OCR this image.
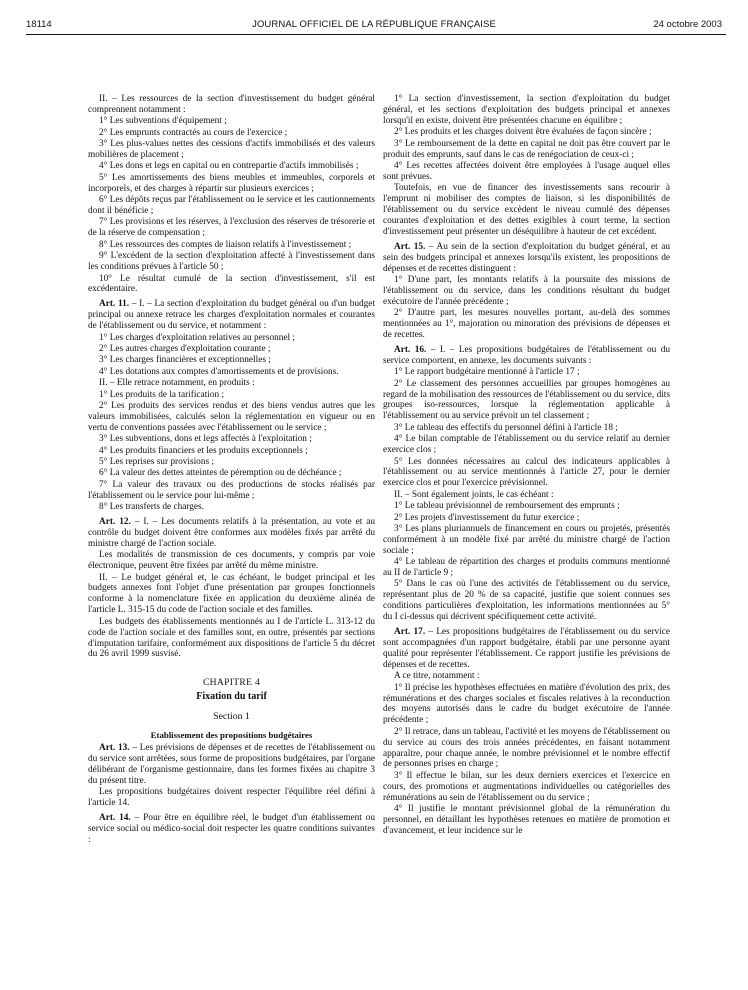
18114	JOURNAL OFFICIEL DE LA RÉPUBLIQUE FRANÇAISE	24 octobre 2003

II. – Les ressources de la section d'investissement du budget général comprennent notamment :

1° Les subventions d'équipement ;

2° Les emprunts contractés au cours de l'exercice ;

3° Les plus-values nettes des cessions d'actifs immobilisés et des valeurs mobilières de placement ;

4° Les dons et legs en capital ou en contrepartie d'actifs immobilisés ;

5° Les amortissements des biens meubles et immeubles, corporels et incorporels, et des charges à répartir sur plusieurs exercices ;

6° Les dépôts reçus par l'établissement ou le service et les cautionnements dont il bénéficie ;

7° Les provisions et les réserves, à l'exclusion des réserves de trésorerie et de la réserve de compensation ;

8° Les ressources des comptes de liaison relatifs à l'investissement ;

9° L'excédent de la section d'exploitation affecté à l'investissement dans les conditions prévues à l'article 50 ;

10° Le résultat cumulé de la section d'investissement, s'il est excédentaire.

Art. 11. – I. – La section d'exploitation du budget général ou d'un budget principal ou annexe retrace les charges d'exploitation normales et courantes de l'établissement ou du service, et notamment :

1° Les charges d'exploitation relatives au personnel ;

2° Les autres charges d'exploitation courante ;

3° Les charges financières et exceptionnelles ;

4° Les dotations aux comptes d'amortissements et de provisions.

II. – Elle retrace notamment, en produits :

1° Les produits de la tarification ;

2° Les produits des services rendus et des biens vendus autres que les valeurs immobilisées, calculés selon la réglementation en vigueur ou en vertu de conventions passées avec l'établissement ou le service ;

3° Les subventions, dons et legs affectés à l'exploitation ;

4° Les produits financiers et les produits exceptionnels ;

5° Les reprises sur provisions ;

6° La valeur des dettes atteintes de péremption ou de déchéance ;

7° La valeur des travaux ou des productions de stocks réalisés par l'établissement ou le service pour lui-même ;

8° Les transferts de charges.

Art. 12. – I. – Les documents relatifs à la présentation, au vote et au contrôle du budget doivent être conformes aux modèles fixés par arrêté du ministre chargé de l'action sociale.

Les modalités de transmission de ces documents, y compris par voie électronique, peuvent être fixées par arrêté du même ministre.

II. – Le budget général et, le cas échéant, le budget principal et les budgets annexes font l'objet d'une présentation par groupes fonctionnels conforme à la nomenclature fixée en application du deuxième alinéa de l'article L. 315-15 du code de l'action sociale et des familles.

Les budgets des établissements mentionnés au I de l'article L. 313-12 du code de l'action sociale et des familles sont, en outre, présentés par sections d'imputation tarifaire, conformément aux dispositions de l'article 5 du décret du 26 avril 1999 susvisé.

CHAPITRE 4

Fixation du tarif

Section 1

Etablissement des propositions budgétaires

Art. 13. – Les prévisions de dépenses et de recettes de l'établissement ou du service sont arrêtées, sous forme de propositions budgétaires, par l'organe délibérant de l'organisme gestionnaire, dans les formes fixées au chapitre 3 du présent titre.

Les propositions budgétaires doivent respecter l'équilibre réel défini à l'article 14.

Art. 14. – Pour être en équilibre réel, le budget d'un établissement ou service social ou médico-social doit respecter les quatre conditions suivantes :

1° La section d'investissement, la section d'exploitation du budget général, et les sections d'exploitation des budgets principal et annexes lorsqu'il en existe, doivent être présentées chacune en équilibre ;

2° Les produits et les charges doivent être évaluées de façon sincère ;

3° Le remboursement de la dette en capital ne doit pas être couvert par le produit des emprunts, sauf dans le cas de renégociation de ceux-ci ;

4° Les recettes affectées doivent être employées à l'usage auquel elles sont prévues.

Toutefois, en vue de financer des investissements sans recourir à l'emprunt ni mobiliser des comptes de liaison, si les disponibilités de l'établissement ou du service excèdent le niveau cumulé des dépenses courantes d'exploitation et des dettes exigibles à court terme, la section d'investissement peut présenter un déséquilibre à hauteur de cet excédent.

Art. 15. – Au sein de la section d'exploitation du budget général, et au sein des budgets principal et annexes lorsqu'ils existent, les propositions de dépenses et de recettes distinguent :

1° D'une part, les montants relatifs à la poursuite des missions de l'établissement ou du service, dans les conditions résultant du budget exécutoire de l'année précédente ;

2° D'autre part, les mesures nouvelles portant, au-delà des sommes mentionnées au 1°, majoration ou minoration des prévisions de dépenses et de recettes.

Art. 16. – I. – Les propositions budgétaires de l'établissement ou du service comportent, en annexe, les documents suivants :

1° Le rapport budgétaire mentionné à l'article 17 ;

2° Le classement des personnes accueillies par groupes homogènes au regard de la mobilisation des ressources de l'établissement ou du service, dits groupes iso-ressources, lorsque la réglementation applicable à l'établissement ou au service prévoit un tel classement ;

3° Le tableau des effectifs du personnel défini à l'article 18 ;

4° Le bilan comptable de l'établissement ou du service relatif au dernier exercice clos ;

5° Les données nécessaires au calcul des indicateurs applicables à l'établissement ou au service mentionnés à l'article 27, pour le dernier exercice clos et pour l'exercice prévisionnel.

II. – Sont également joints, le cas échéant :

1° Le tableau prévisionnel de remboursement des emprunts ;

2° Les projets d'investissement du futur exercice ;

3° Les plans pluriannuels de financement en cours ou projetés, présentés conformément à un modèle fixé par arrêté du ministre chargé de l'action sociale ;

4° Le tableau de répartition des charges et produits communs mentionné au II de l'article 9 ;

5° Dans le cas où l'une des activités de l'établissement ou du service, représentant plus de 20 % de sa capacité, justifie que soient connues ses conditions particulières d'exploitation, les informations mentionnées au 5° du I ci-dessus qui décrivent spécifiquement cette activité.

Art. 17. – Les propositions budgétaires de l'établissement ou du service sont accompagnées d'un rapport budgétaire, établi par une personne ayant qualité pour représenter l'établissement. Ce rapport justifie les prévisions de dépenses et de recettes.

A ce titre, notamment :

1° Il précise les hypothèses effectuées en matière d'évolution des prix, des rémunérations et des charges sociales et fiscales relatives à la reconduction des moyens autorisés dans le cadre du budget exécutoire de l'année précédente ;

2° Il retrace, dans un tableau, l'activité et les moyens de l'établissement ou du service au cours des trois années précédentes, en faisant notamment apparaître, pour chaque année, le nombre prévisionnel et le nombre effectif de personnes prises en charge ;

3° Il effectue le bilan, sur les deux derniers exercices et l'exercice en cours, des promotions et augmentations individuelles ou catégorielles des rémunérations au sein de l'établissement ou du service ;

4° Il justifie le montant prévisionnel global de la rémunération du personnel, en détaillant les hypothèses retenues en matière de promotion et d'avancement, et leur incidence sur le
